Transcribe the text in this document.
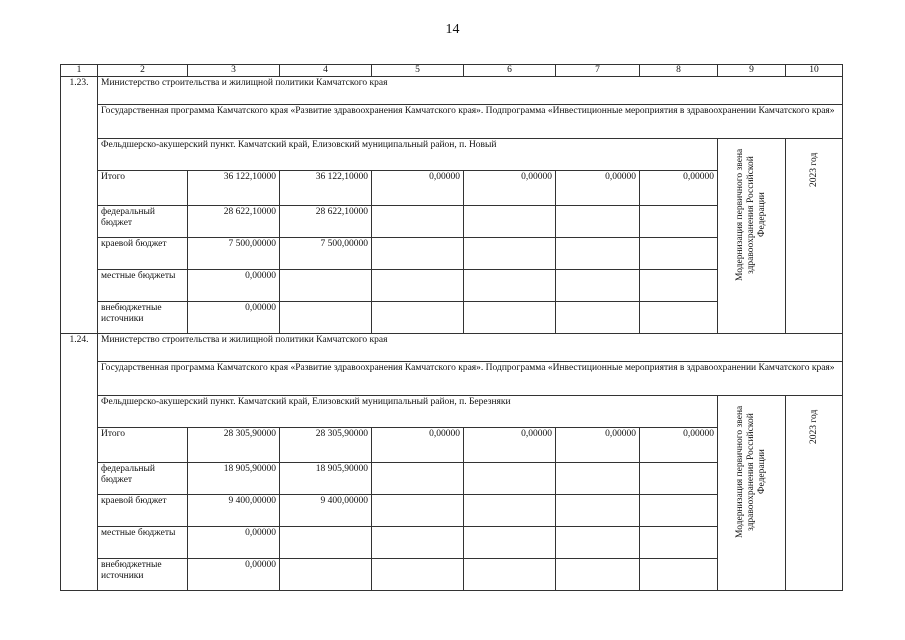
14
1	2	3	4	5	6	7	8	9	10
1.23.	Министерство строительства и жилищной политики Камчатского края								
	Государственная программа Камчатского края «Развитие здравоохранения Камчатского края». Подпрограмма «Инвестиционные мероприятия в здравоохранении Камчатского края»								
	Фельдшерско-акушерский пункт. Камчатский край, Елизовский муниципальный район, п. Новый							Модернизация первичного звена здравоохранения Российской Федерации	2023 год
	Итого	36 122,10000	36 122,10000	0,00000	0,00000	0,00000	0,00000		
	федеральный бюджет	28 622,10000	28 622,10000						
	краевой бюджет	7 500,00000	7 500,00000						
	местные бюджеты	0,00000							
	внебюджетные источники	0,00000							
1.24.	Министерство строительства и жилищной политики Камчатского края								
	Государственная программа Камчатского края «Развитие здравоохранения Камчатского края». Подпрограмма «Инвестиционные мероприятия в здравоохранении Камчатского края»								
	Фельдшерско-акушерский пункт. Камчатский край, Елизовский муниципальный район, п. Березняки							Модернизация первичного звена здравоохранения Российской Федерации	2023 год
	Итого	28 305,90000	28 305,90000	0,00000	0,00000	0,00000	0,00000		
	федеральный бюджет	18 905,90000	18 905,90000						
	краевой бюджет	9 400,00000	9 400,00000						
	местные бюджеты	0,00000							
	внебюджетные источники	0,00000							
